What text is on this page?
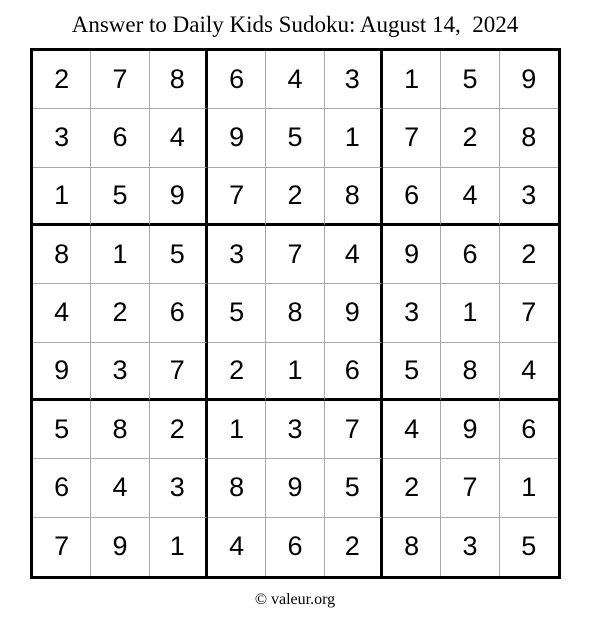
Answer to Daily Kids Sudoku: August 14,  2024
2	7	8	6	4	3	1	5	9
3	6	4	9	5	1	7	2	8
1	5	9	7	2	8	6	4	3
8	1	5	3	7	4	9	6	2
4	2	6	5	8	9	3	1	7
9	3	7	2	1	6	5	8	4
5	8	2	1	3	7	4	9	6
6	4	3	8	9	5	2	7	1
7	9	1	4	6	2	8	3	5
© valeur.org
